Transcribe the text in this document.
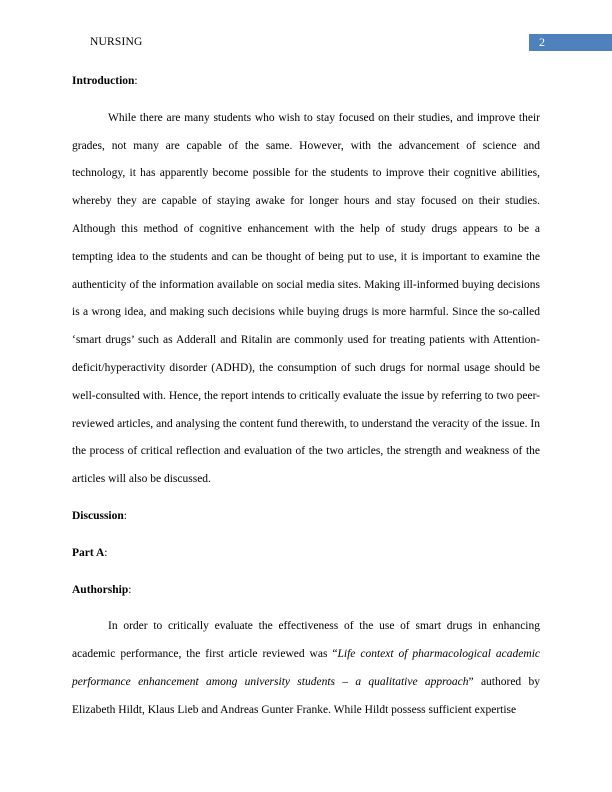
NURSING	2
Introduction:

While there are many students who wish to stay focused on their studies, and improve their grades, not many are capable of the same. However, with the advancement of science and technology, it has apparently become possible for the students to improve their cognitive abilities, whereby they are capable of staying awake for longer hours and stay focused on their studies. Although this method of cognitive enhancement with the help of study drugs appears to be a tempting idea to the students and can be thought of being put to use, it is important to examine the authenticity of the information available on social media sites. Making ill-informed buying decisions is a wrong idea, and making such decisions while buying drugs is more harmful. Since the so-called ‘smart drugs’ such as Adderall and Ritalin are commonly used for treating patients with Attention-deficit/hyperactivity disorder (ADHD), the consumption of such drugs for normal usage should be well-consulted with. Hence, the report intends to critically evaluate the issue by referring to two peer-reviewed articles, and analysing the content fund therewith, to understand the veracity of the issue. In the process of critical reflection and evaluation of the two articles, the strength and weakness of the articles will also be discussed.

Discussion:
Part A:
Authorship:

In order to critically evaluate the effectiveness of the use of smart drugs in enhancing academic performance, the first article reviewed was “Life context of pharmacological academic performance enhancement among university students – a qualitative approach” authored by Elizabeth Hildt, Klaus Lieb and Andreas Gunter Franke. While Hildt possess sufficient expertise
